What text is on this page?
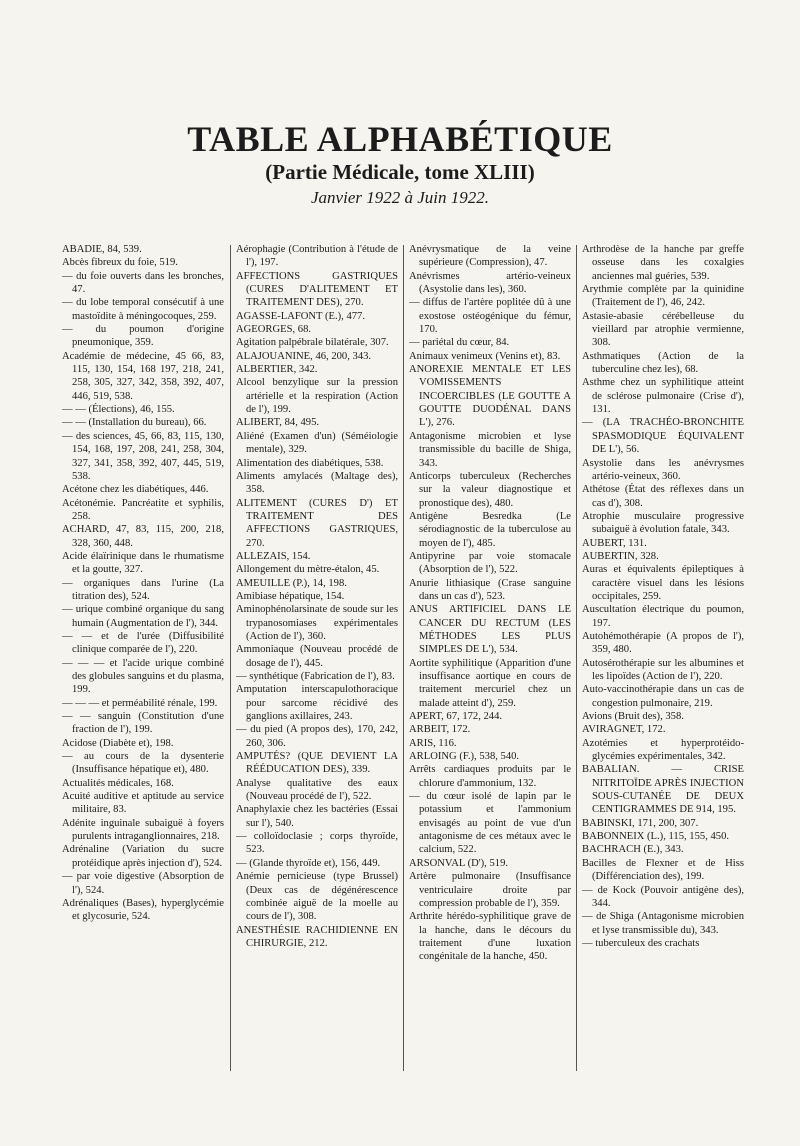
TABLE ALPHABÉTIQUE
(Partie Médicale, tome XLIII)
Janvier 1922 à Juin 1922.

ABADIE, 84, 539.

Abcès fibreux du foie, 519.

— du foie ouverts dans les bronches, 47.

— du lobe temporal consécutif à une mastoïdite à méningocoques, 259.

— du poumon d'origine pneumonique, 359.

Académie de médecine, 45 66, 83, 115, 130, 154, 168 197, 218, 241, 258, 305, 327, 342, 358, 392, 407, 446, 519, 538.

— — (Élections), 46, 155.

— — (Installation du bureau), 66.

— des sciences, 45, 66, 83, 115, 130, 154, 168, 197, 208, 241, 258, 304, 327, 341, 358, 392, 407, 445, 519, 538.

Acétone chez les diabétiques, 446.

Acétonémie. Pancréatite et syphilis, 258.

ACHARD, 47, 83, 115, 200, 218, 328, 360, 448.

Acide élaïrinique dans le rhumatisme et la goutte, 327.

— organiques dans l'urine (La titration des), 524.

— urique combiné organique du sang humain (Augmentation de l'), 344.

— — et de l'urée (Diffusibilité clinique comparée de l'), 220.

— — — et l'acide urique combiné des globules sanguins et du plasma, 199.

— — — et perméabilité rénale, 199.

— — sanguin (Constitution d'une fraction de l'), 199.

Acidose (Diabète et), 198.

— au cours de la dysenterie (Insuffisance hépatique et), 480.

Actualités médicales, 168.

Acuité auditive et aptitude au service militaire, 83.

Adénite inguinale subaiguë à foyers purulents intraganglionnaires, 218.

Adrénaline (Variation du sucre protéidique après injection d'), 524.

— par voie digestive (Absorption de l'), 524.

Adrénaliques (Bases), hyperglycémie et glycosurie, 524.

Aérophagie (Contribution à l'étude de l'), 197.

AFFECTIONS GASTRIQUES (CURES D'ALITEMENT ET TRAITEMENT DES), 270.

AGASSE-LAFONT (E.), 477.

AGEORGES, 68.

Agitation palpébrale bilatérale, 307.

ALAJOUANINE, 46, 200, 343.

ALBERTIER, 342.

Alcool benzylique sur la pression artérielle et la respiration (Action de l'), 199.

ALIBERT, 84, 495.

Aliéné (Examen d'un) (Séméiologie mentale), 329.

Alimentation des diabétiques, 538.

Aliments amylacés (Maltage des), 358.

ALITEMENT (CURES D') ET TRAITEMENT DES AFFECTIONS GASTRIQUES, 270.

ALLEZAIS, 154.

Allongement du mètre-étalon, 45.

AMEUILLE (P.), 14, 198.

Amibiase hépatique, 154.

Aminophénolarsinate de soude sur les trypanosomiases expérimentales (Action de l'), 360.

Ammoniaque (Nouveau procédé de dosage de l'), 445.

— synthétique (Fabrication de l'), 83.

Amputation interscapulothoracique pour sarcome récidivé des ganglions axillaires, 243.

— du pied (A propos des), 170, 242, 260, 306.

AMPUTÉS? (QUE DEVIENT LA RÉÉDUCATION DES), 339.

Analyse qualitative des eaux (Nouveau procédé de l'), 522.

Anaphylaxie chez les bactéries (Essai sur l'), 540.

— colloïdoclasie ; corps thyroïde, 523.

— (Glande thyroïde et), 156, 449.

Anémie pernicieuse (type Brussel) (Deux cas de dégénérescence combinée aiguë de la moelle au cours de l'), 308.

ANESTHÉSIE RACHIDIENNE EN CHIRURGIE, 212.

Anévrysmatique de la veine supérieure (Compression), 47.

Anévrismes artério-veineux (Asystolie dans les), 360.

— diffus de l'artère poplitée dû à une exostose ostéogénique du fémur, 170.

— pariétal du cœur, 84.

Animaux venimeux (Venins et), 83.

ANOREXIE MENTALE ET LES VOMISSEMENTS INCOERCIBLES (LE GOUTTE A GOUTTE DUODÉNAL DANS L'), 276.

Antagonisme microbien et lyse transmissible du bacille de Shiga, 343.

Anticorps tuberculeux (Recherches sur la valeur diagnostique et pronostique des), 480.

Antigène Besredka (Le sérodiagnostic de la tuberculose au moyen de l'), 485.

Antipyrine par voie stomacale (Absorption de l'), 522.

Anurie lithiasique (Crase sanguine dans un cas d'), 523.

ANUS ARTIFICIEL DANS LE CANCER DU RECTUM (LES MÉTHODES LES PLUS SIMPLES DE L'), 534.

Aortite syphilitique (Apparition d'une insuffisance aortique en cours de traitement mercuriel chez un malade atteint d'), 259.

APERT, 67, 172, 244.

ARBEIT, 172.

ARIS, 116.

ARLOING (F.), 538, 540.

Arrêts cardiaques produits par le chlorure d'ammonium, 132.

— du cœur isolé de lapin par le potassium et l'ammonium envisagés au point de vue d'un antagonisme de ces métaux avec le calcium, 522.

ARSONVAL (D'), 519.

Artère pulmonaire (Insuffisance ventriculaire droite par compression probable de l'), 359.

Arthrite hérédo-syphilitique grave de la hanche, dans le décours du traitement d'une luxation congénitale de la hanche, 450.

Arthrodèse de la hanche par greffe osseuse dans les coxalgies anciennes mal guéries, 539.

Arythmie complète par la quinidine (Traitement de l'), 46, 242.

Astasie-abasie cérébelleuse du vieillard par atrophie vermienne, 308.

Asthmatiques (Action de la tuberculine chez les), 68.

Asthme chez un syphilitique atteint de sclérose pulmonaire (Crise d'), 131.

— (LA TRACHÉO-BRONCHITE SPASMODIQUE ÉQUIVALENT DE L'), 56.

Asystolie dans les anévrysmes artério-veineux, 360.

Athétose (État des réflexes dans un cas d'), 308.

Atrophie musculaire progressive subaiguë à évolution fatale, 343.

AUBERT, 131.

AUBERTIN, 328.

Auras et équivalents épileptiques à caractère visuel dans les lésions occipitales, 259.

Auscultation électrique du poumon, 197.

Autohémothérapie (A propos de l'), 359, 480.

Autosérothérapie sur les albumines et les lipoïdes (Action de l'), 220.

Auto-vaccinothérapie dans un cas de congestion pulmonaire, 219.

Avions (Bruit des), 358.

AVIRAGNET, 172.

Azotémies et hyperprotéido-glycémies expérimentales, 342.

BABALIAN. — CRISE NITRITOÏDE APRÈS INJECTION SOUS-CUTANÉE DE DEUX CENTIGRAMMES DE 914, 195.

BABINSKI, 171, 200, 307.

BABONNEIX (L.), 115, 155, 450.

BACHRACH (E.), 343.

Bacilles de Flexner et de Hiss (Différenciation des), 199.

— de Kock (Pouvoir antigène des), 344.

— de Shiga (Antagonisme microbien et lyse transmissible du), 343.

— tuberculeux des crachats
